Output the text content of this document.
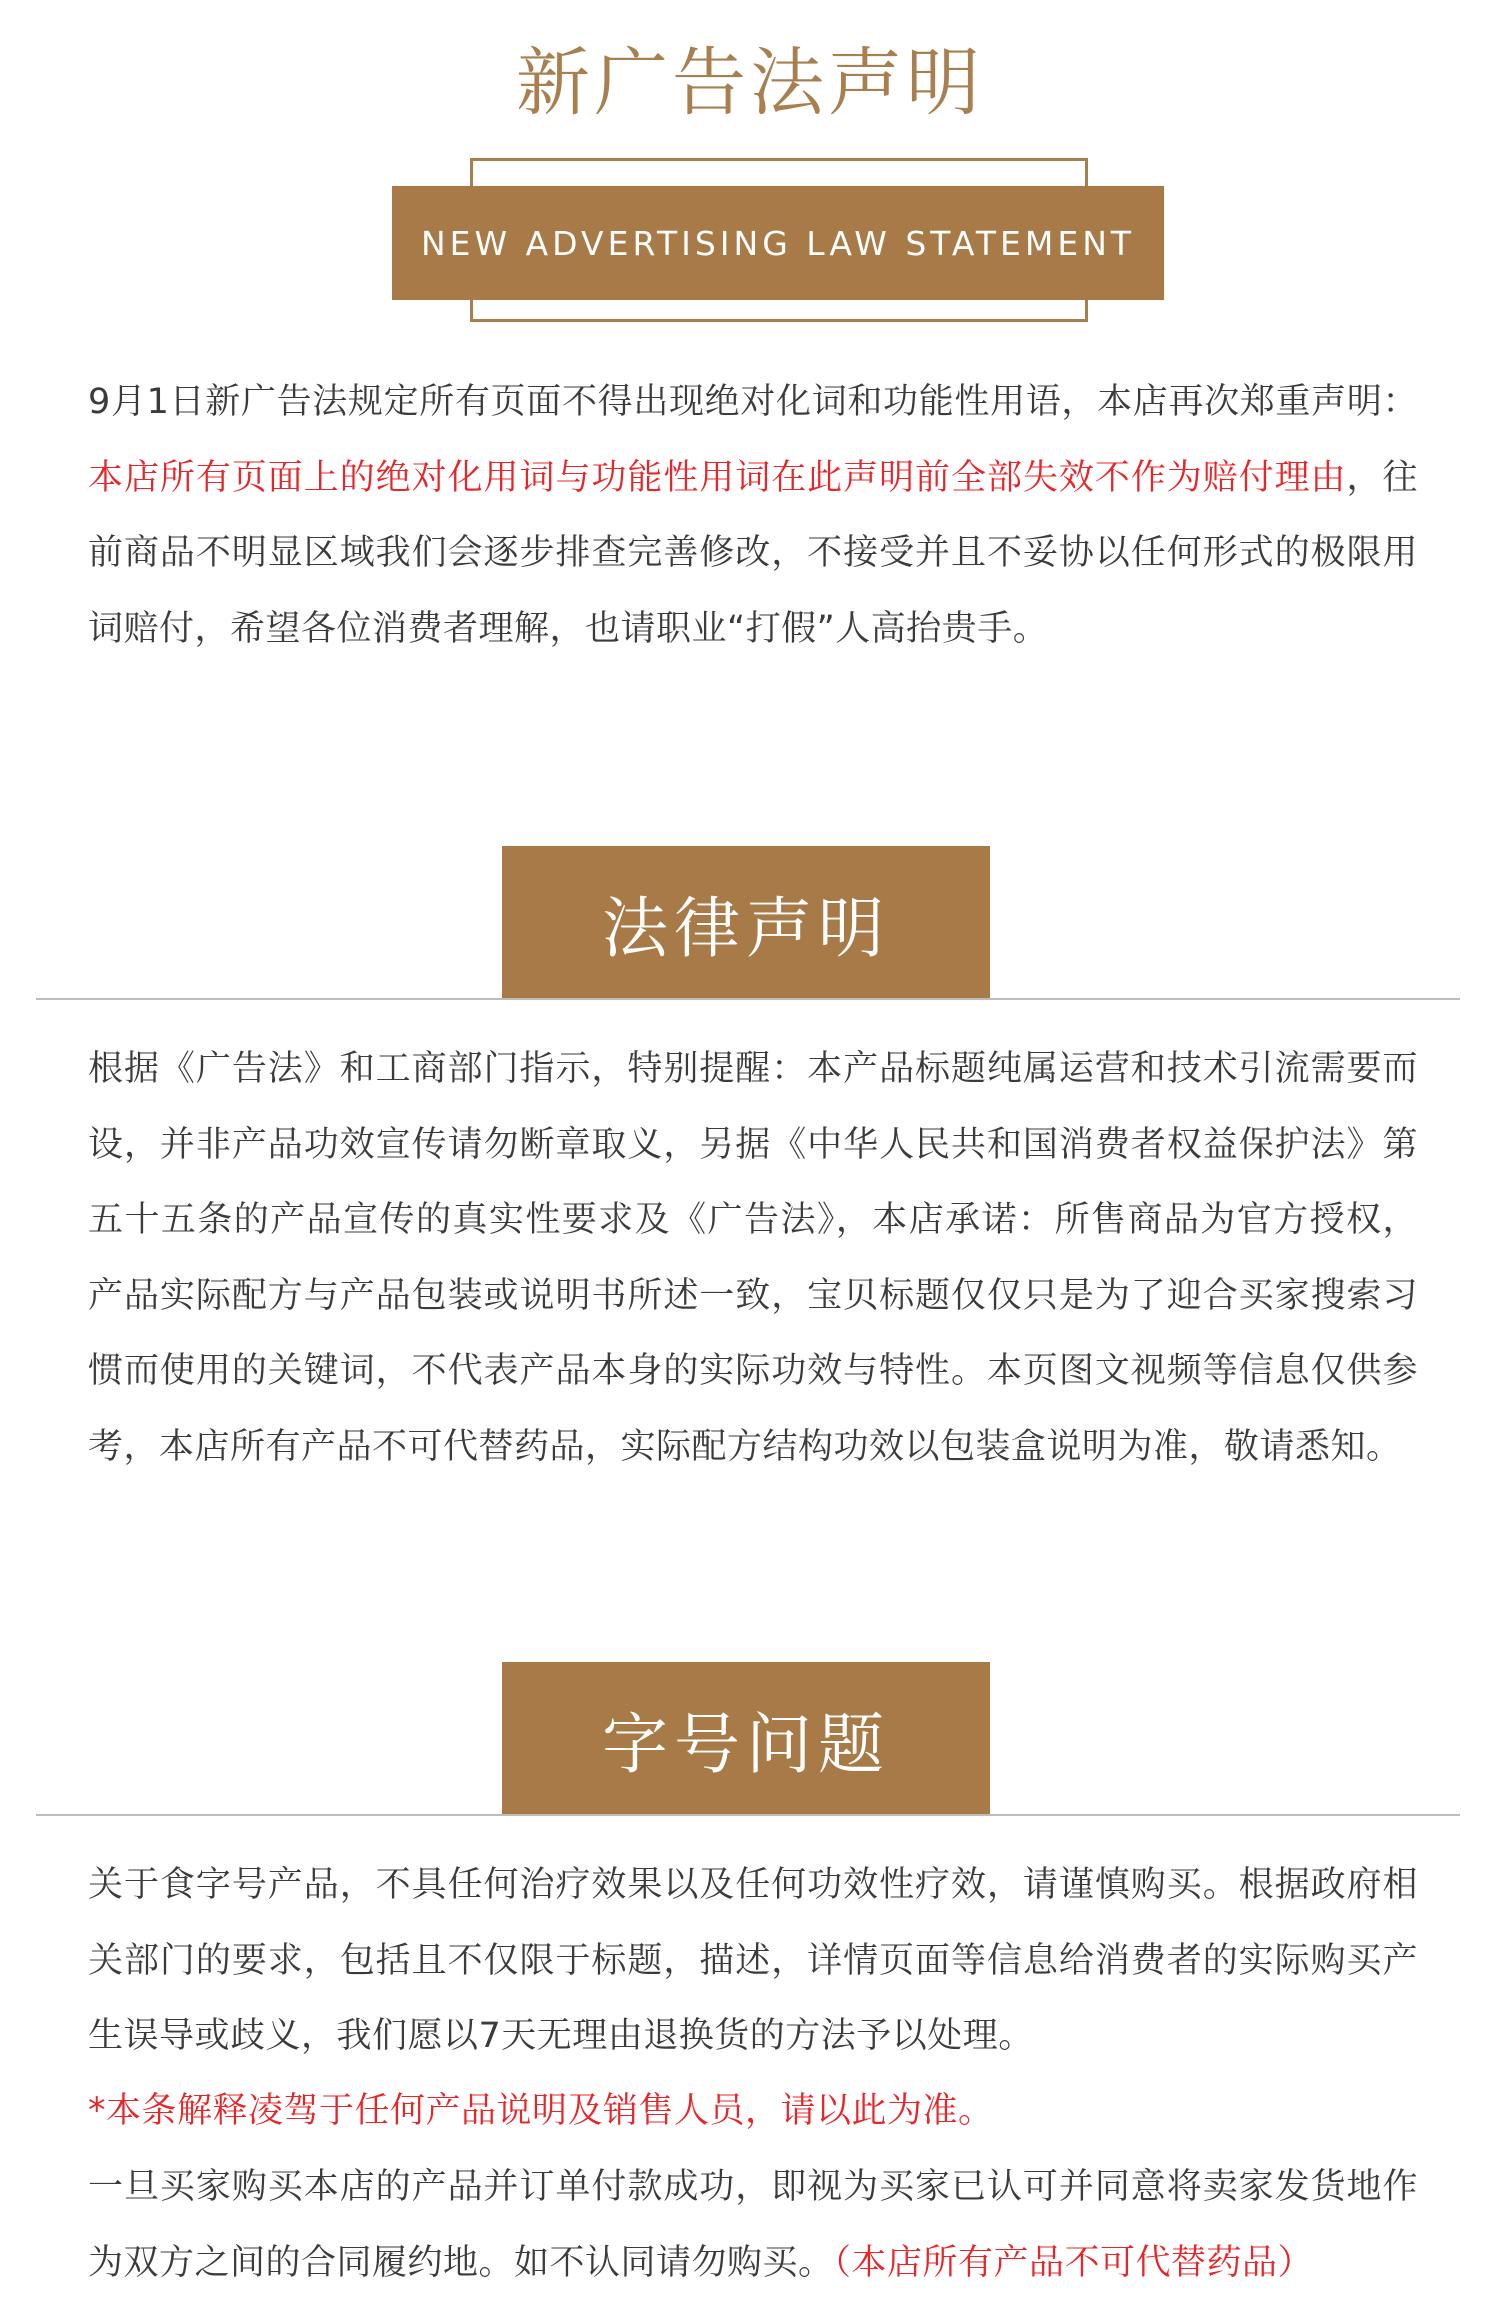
新广告法声明
NEW ADVERTISING LAW STATEMENT

9月1日新广告法规定所有页面不得出现绝对化词和功能性用语，本店再次郑重声明：本店所有页面上的绝对化用词与功能性用词在此声明前全部失效不作为赔付理由，往前商品不明显区域我们会逐步排查完善修改，不接受并且不妥协以任何形式的极限用词赔付，希望各位消费者理解，也请职业“打假”人高抬贵手。

法律声明

根据《广告法》和工商部门指示，特别提醒：本产品标题纯属运营和技术引流需要而设，并非产品功效宣传请勿断章取义，另据《中华人民共和国消费者权益保护法》第五十五条的产品宣传的真实性要求及《广告法》，本店承诺：所售商品为官方授权，产品实际配方与产品包装或说明书所述一致，宝贝标题仅仅只是为了迎合买家搜索习惯而使用的关键词，不代表产品本身的实际功效与特性。本页图文视频等信息仅供参考，本店所有产品不可代替药品，实际配方结构功效以包装盒说明为准，敬请悉知。

字号问题

关于食字号产品，不具任何治疗效果以及任何功效性疗效，请谨慎购买。根据政府相关部门的要求，包括且不仅限于标题，描述，详情页面等信息给消费者的实际购买产生误导或歧义，我们愿以7天无理由退换货的方法予以处理。

*本条解释凌驾于任何产品说明及销售人员，请以此为准。

一旦买家购买本店的产品并订单付款成功，即视为买家已认可并同意将卖家发货地作为双方之间的合同履约地。如不认同请勿购买。（本店所有产品不可代替药品）
